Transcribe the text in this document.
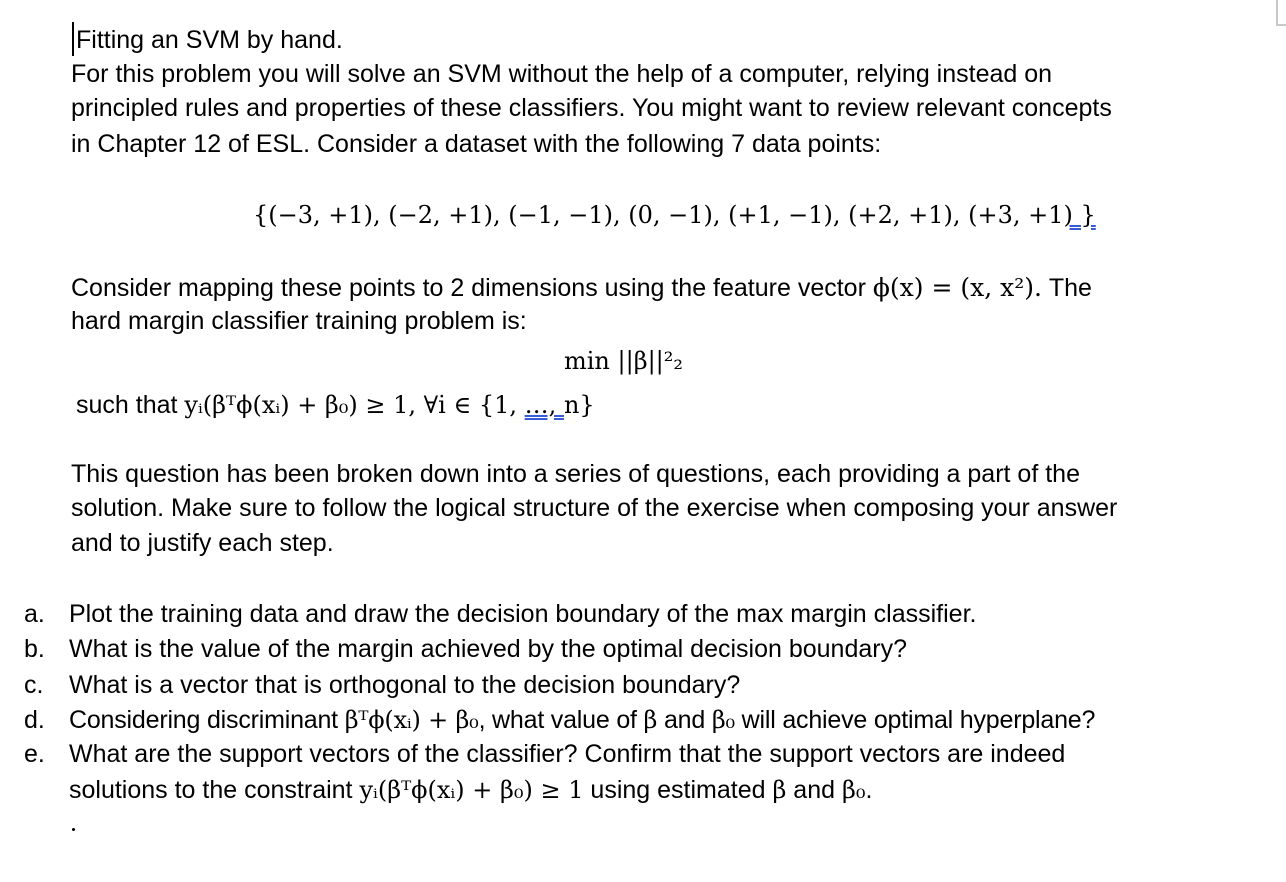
Fitting an SVM by hand.
For this problem you will solve an SVM without the help of a computer, relying instead on
principled rules and properties of these classifiers. You might want to review relevant concepts
in Chapter 12 of ESL. Consider a dataset with the following 7 data points:
{(−3, +1), (−2, +1), (−1, −1), (0, −1), (+1, −1), (+2, +1), (+3, +1) }
Consider mapping these points to 2 dimensions using the feature vector ϕ(x) = (x, x²). The
hard margin classifier training problem is:
min ||β||²₂
such that yᵢ(βᵀϕ(xᵢ) + β₀) ≥ 1, ∀i ∈ {1, …, n}
This question has been broken down into a series of questions, each providing a part of the
solution. Make sure to follow the logical structure of the exercise when composing your answer
and to justify each step.
a. Plot the training data and draw the decision boundary of the max margin classifier.
b. What is the value of the margin achieved by the optimal decision boundary?
c. What is a vector that is orthogonal to the decision boundary?
d. Considering discriminant βᵀϕ(xᵢ) + β₀, what value of β and β₀ will achieve optimal hyperplane?
e. What are the support vectors of the classifier? Confirm that the support vectors are indeed
solutions to the constraint yᵢ(βᵀϕ(xᵢ) + β₀) ≥ 1 using estimated β and β₀.
